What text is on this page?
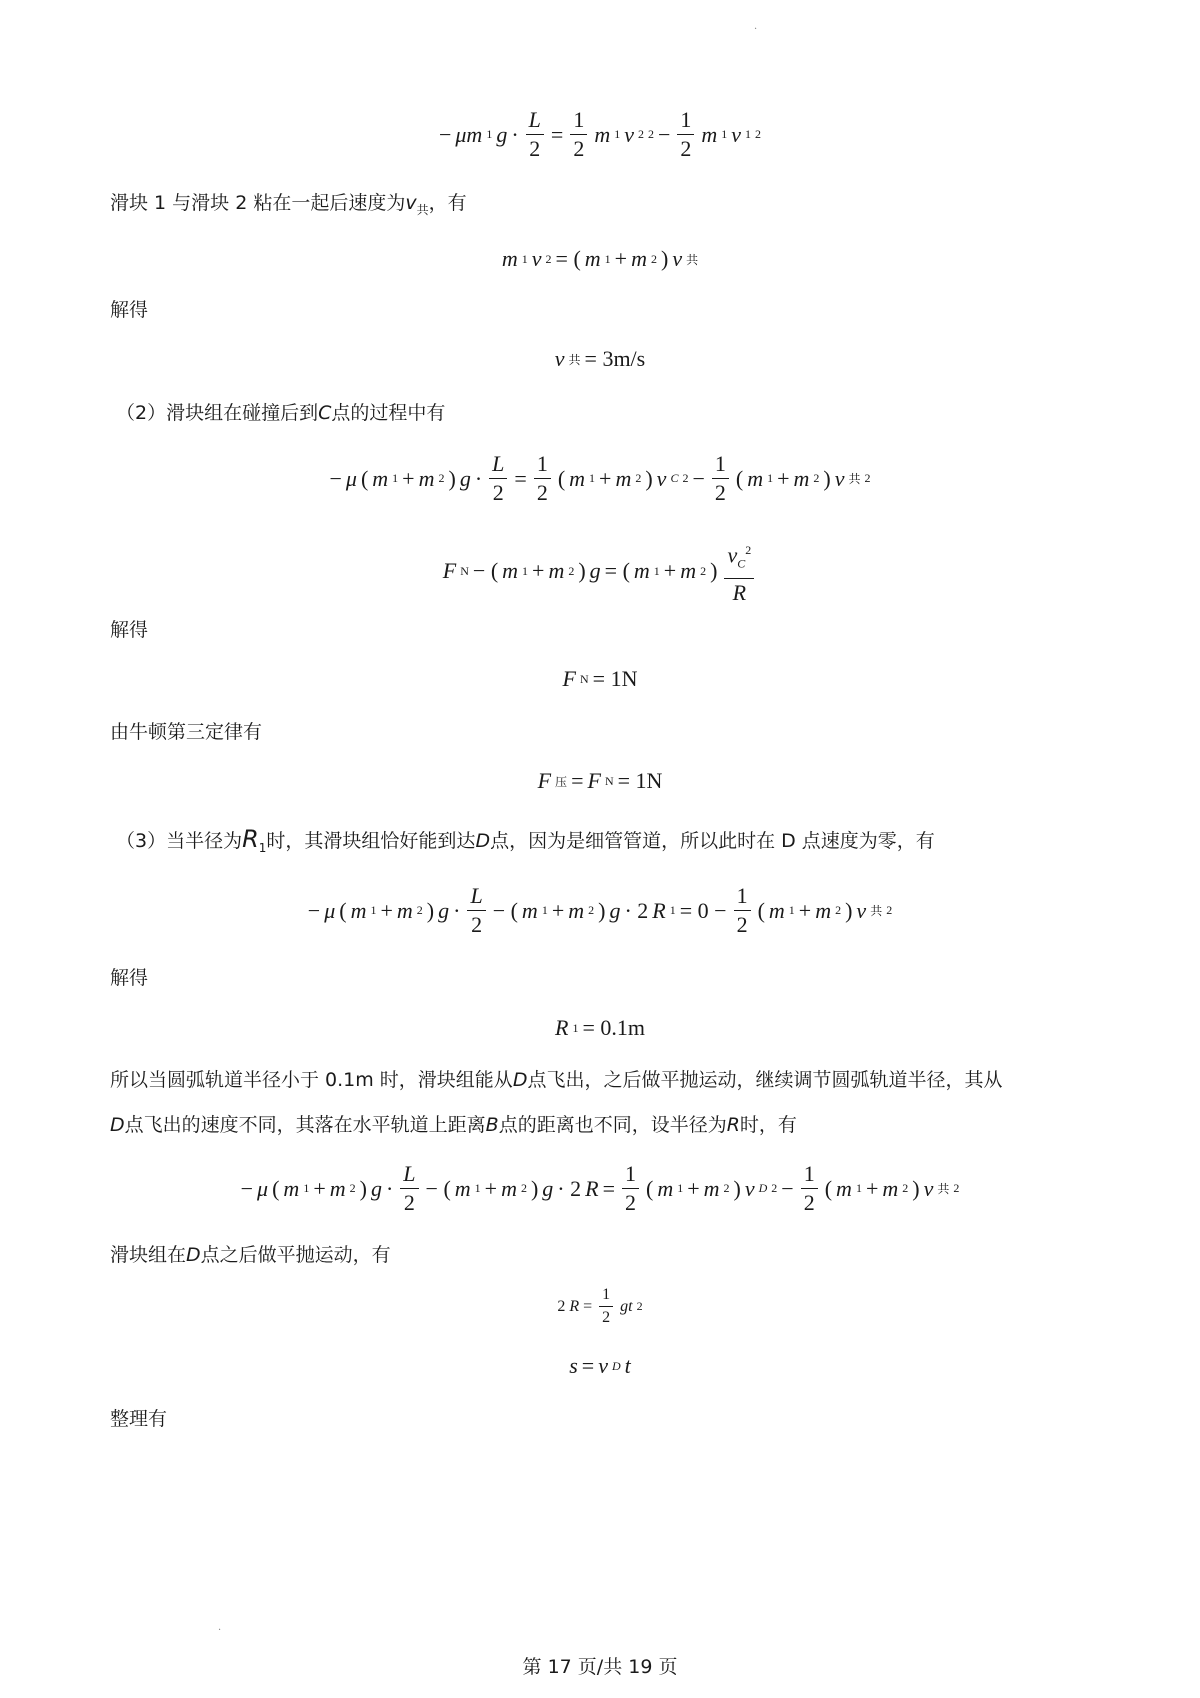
·
− μm 1 $g \cdot \frac{L}{2} = \frac{1}{2}$ m 1 v 2 $2 - \frac{1}{2}$ m 1 v 1 2
滑块 1 与滑块 2 粘在一起后速度为$v_共$，有
m 1 v 2 = ( m 1 + m 2 ) v 共
解得
v 共 = 3m/s
（2）滑块组在碰撞后到C点的过程中有
− μ ( m 1 + m 2 ) $g \cdot \frac{L}{2} = \frac{1}{2}$ ( m 1 + m 2 ) v C $2 - \frac{1}{2}$ ( m 1 + m 2 ) v 共 2
F N − ( m 1 + m 2 ) g = ( m 1 + m 2 ) $\frac{v_C^2}{R}$
解得
F N = 1N
由牛顿第三定律有
F 压 = F N = 1N
（3）当半径为$R_1$时，其滑块组恰好能到达D点，因为是细管管道，所以此时在 D 点速度为零，有
− μ ( m 1 + m 2 ) $g \cdot \frac{L}{2}$ − ( m 1 + m 2 ) g · 2 R $1 = 0 - \frac{1}{2}$ ( m 1 + m 2 ) v 共 2
解得
R 1 = 0.1m
所以当圆弧轨道半径小于 0.1m 时，滑块组能从D点飞出，之后做平抛运动，继续调节圆弧轨道半径，其从
D点飞出的速度不同，其落在水平轨道上距离B点的距离也不同，设半径为R时，有
− μ ( m 1 + m 2 ) $g \cdot \frac{L}{2}$ − ( m 1 + m 2 ) g · 2 $R = \frac{1}{2}$ ( m 1 + m 2 ) v D $2 - \frac{1}{2}$ ( m 1 + m 2 ) v 共 2
滑块组在D点之后做平抛运动，有
2 $R = \frac{1}{2}$ gt 2
s = v D t
整理有
·
第 17 页/共 19 页
